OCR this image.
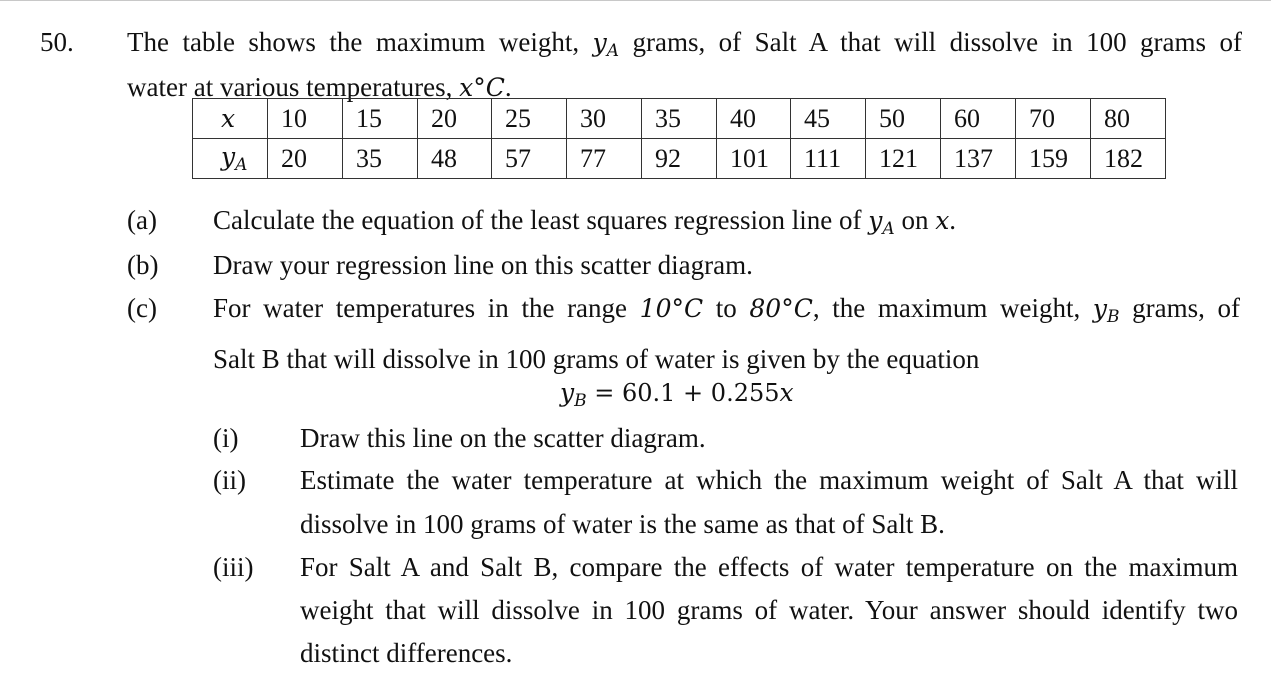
50. The table shows the maximum weight, $y_A$ grams, of Salt A that will dissolve in 100 grams of
water at various temperatures, x°C.
x	10	15	20	25	30	35	40	45	50	60	70	80
$y_A$	20	35	48	57	77	92	101	111	121	137	159	182
(a) Calculate the equation of the least squares regression line of $y_A$ on x.
(b) Draw your regression line on this scatter diagram.
(c) For water temperatures in the range 10°C to 80°C, the maximum weight, $y_B$ grams, of
Salt B that will dissolve in 100 grams of water is given by the equation
$y_B = 60.1 + 0.255x$
(i) Draw this line on the scatter diagram.
(ii) Estimate the water temperature at which the maximum weight of Salt A that will
dissolve in 100 grams of water is the same as that of Salt B.
(iii) For Salt A and Salt B, compare the effects of water temperature on the maximum
weight that will dissolve in 100 grams of water. Your answer should identify two
distinct differences.
